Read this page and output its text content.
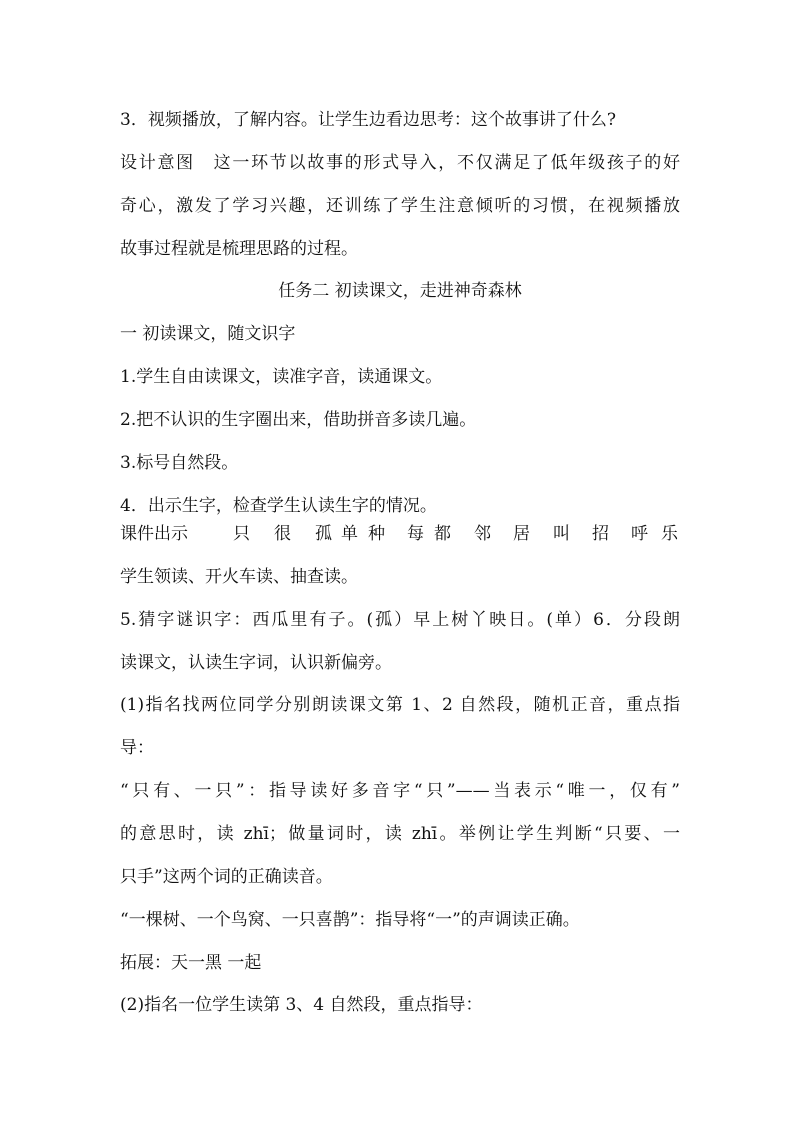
3．视频播放，了解内容。让学生边看边思考：这个故事讲了什么?
设计意图　这一环节以故事的形式导入，不仅满足了低年级孩子的好
奇心，激发了学习兴趣，还训练了学生注意倾听的习惯，在视频播放
故事过程就是梳理思路的过程。
任务二 初读课文，走进神奇森林
一 初读课文，随文识字
1.学生自由读课文，读准字音，读通课文。
2.把不认识的生字圈出来，借助拼音多读几遍。
3.标号自然段。
4．出示生字，检查学生认读生字的情况。
课件出示	只 很 孤 单 种 每 都 邻 居 叫 招 呼 乐
学生领读、开火车读、抽查读。
5.猜字谜识字：西瓜里有子。(孤）早上树丫映日。(单）6．分段朗
读课文，认读生字词，认识新偏旁。
(1)指名找两位同学分别朗读课文第 1、2 自然段，随机正音，重点指
导：
“只有、一只”：指导读好多音字“只”——当表示“唯一，仅有”
的意思时，读 zhī；做量词时，读 zhī。举例让学生判断“只要、一
只手”这两个词的正确读音。
“一棵树、一个鸟窝、一只喜鹊”：指导将“一”的声调读正确。
拓展：天一黑 一起
(2)指名一位学生读第 3、4 自然段，重点指导：
